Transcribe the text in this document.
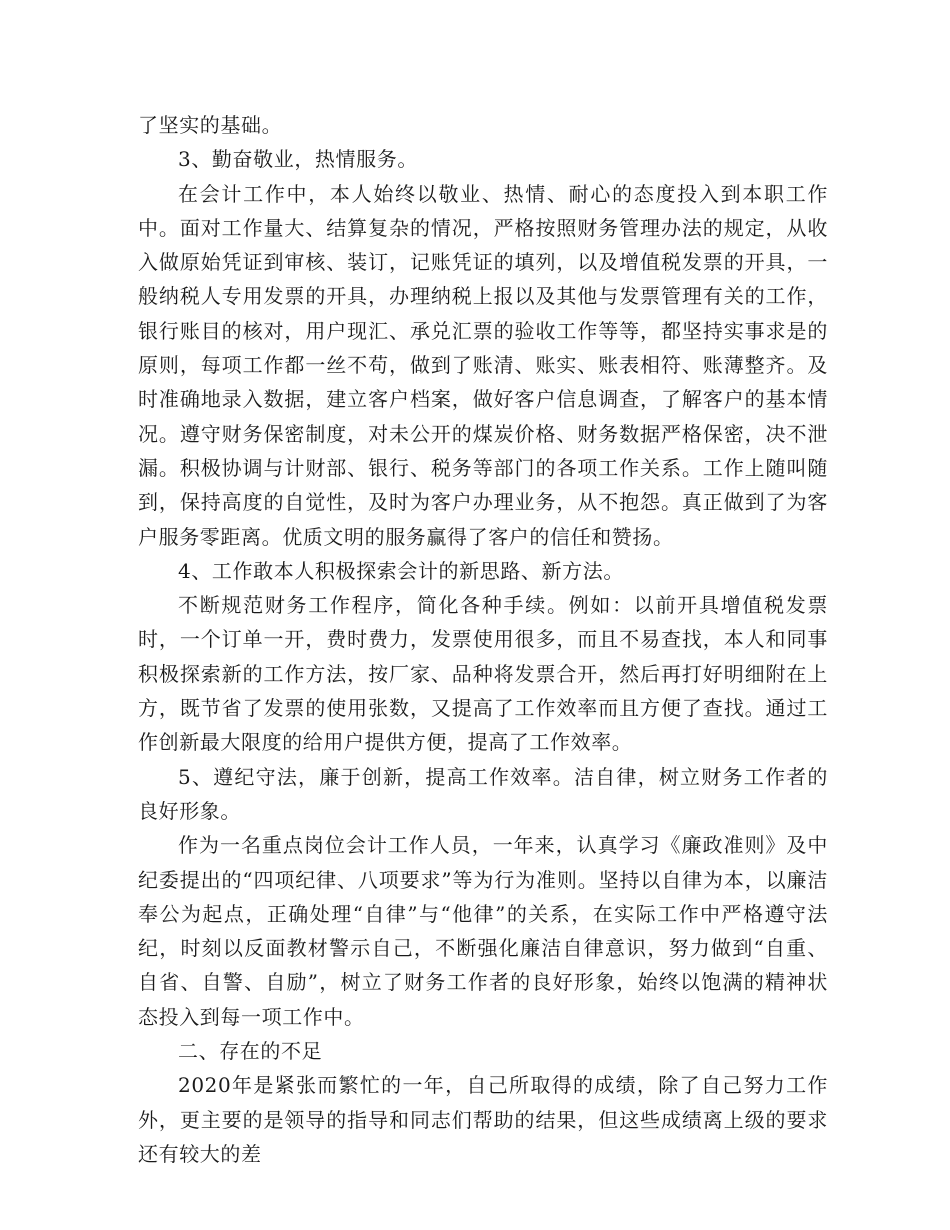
了坚实的基础。

3、勤奋敬业，热情服务。

在会计工作中，本人始终以敬业、热情、耐心的态度投入到本职工作中。面对工作量大、结算复杂的情况，严格按照财务管理办法的规定，从收入做原始凭证到审核、装订，记账凭证的填列，以及增值税发票的开具，一般纳税人专用发票的开具，办理纳税上报以及其他与发票管理有关的工作，银行账目的核对，用户现汇、承兑汇票的验收工作等等，都坚持实事求是的原则，每项工作都一丝不苟，做到了账清、账实、账表相符、账薄整齐。及时准确地录入数据，建立客户档案，做好客户信息调查，了解客户的基本情况。遵守财务保密制度，对未公开的煤炭价格、财务数据严格保密，决不泄漏。积极协调与计财部、银行、税务等部门的各项工作关系。工作上随叫随到，保持高度的自觉性，及时为客户办理业务，从不抱怨。真正做到了为客户服务零距离。优质文明的服务赢得了客户的信任和赞扬。

4、工作敢本人积极探索会计的新思路、新方法。

不断规范财务工作程序，简化各种手续。例如：以前开具增值税发票时，一个订单一开，费时费力，发票使用很多，而且不易查找，本人和同事积极探索新的工作方法，按厂家、品种将发票合开，然后再打好明细附在上方，既节省了发票的使用张数，又提高了工作效率而且方便了查找。通过工作创新最大限度的给用户提供方便，提高了工作效率。

5、遵纪守法，廉于创新，提高工作效率。洁自律，树立财务工作者的良好形象。

作为一名重点岗位会计工作人员，一年来，认真学习《廉政准则》及中纪委提出的“四项纪律、八项要求”等为行为准则。坚持以自律为本，以廉洁奉公为起点，正确处理“自律”与“他律”的关系，在实际工作中严格遵守法纪，时刻以反面教材警示自己，不断强化廉洁自律意识，努力做到“自重、自省、自警、自励”，树立了财务工作者的良好形象，始终以饱满的精神状态投入到每一项工作中。

二、存在的不足

2020年是紧张而繁忙的一年，自己所取得的成绩，除了自己努力工作外，更主要的是领导的指导和同志们帮助的结果，但这些成绩离上级的要求还有较大的差
